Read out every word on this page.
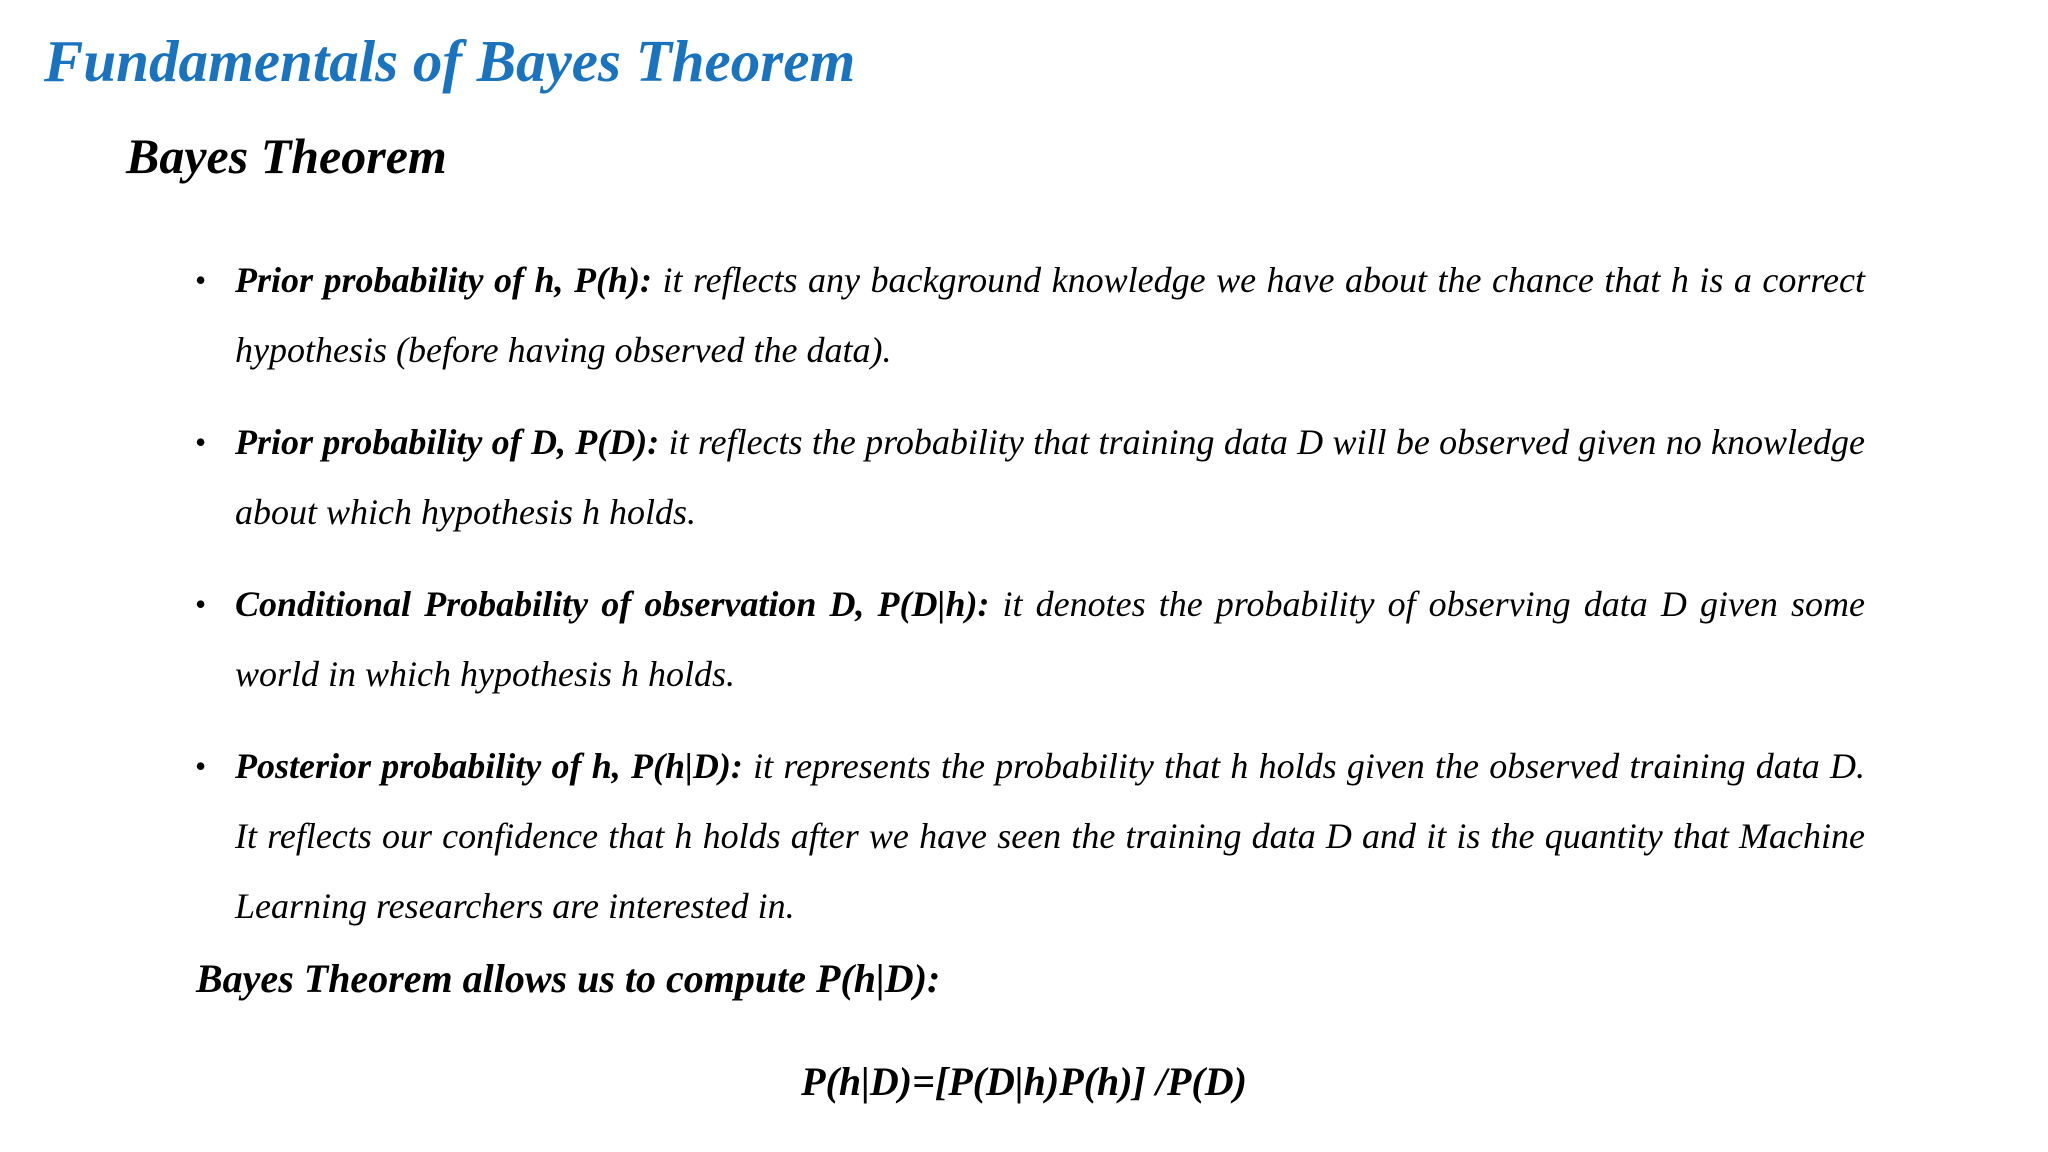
Fundamentals of Bayes Theorem
Bayes Theorem
• Prior probability of h, P(h): it reflects any background knowledge we have about the chance that h is a correct hypothesis (before having observed the data).
• Prior probability of D, P(D): it reflects the probability that training data D will be observed given no knowledge about which hypothesis h holds.
• Conditional Probability of observation D, P(D|h): it denotes the probability of observing data D given some world in which hypothesis h holds.
• Posterior probability of h, P(h|D): it represents the probability that h holds given the observed training data D. It reflects our confidence that h holds after we have seen the training data D and it is the quantity that Machine Learning researchers are interested in.
Bayes Theorem allows us to compute P(h|D):
P(h|D)=[P(D|h)P(h)] /P(D)
